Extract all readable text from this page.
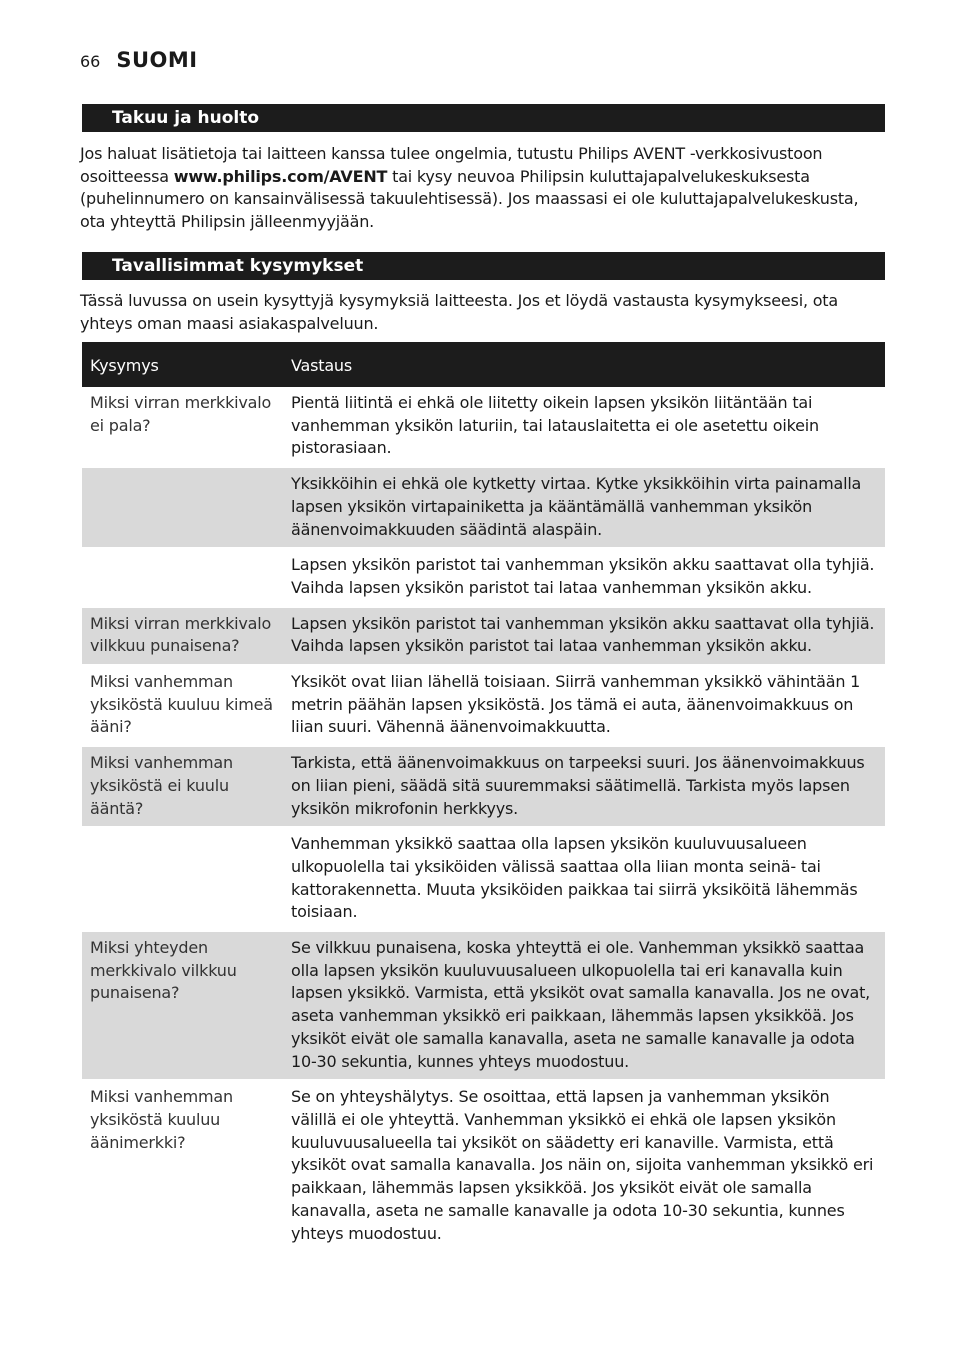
66 SUOMI
Takuu ja huolto

Jos haluat lisätietoja tai laitteen kanssa tulee ongelmia, tutustu Philips AVENT -verkkosivustoon osoitteessa www.philips.com/AVENT tai kysy neuvoa Philipsin kuluttajapalvelukeskuksesta (puhelinnumero on kansainvälisessä takuulehtisessä). Jos maassasi ei ole kuluttajapalvelukeskusta, ota yhteyttä Philipsin jälleenmyyjään.

Tavallisimmat kysymykset

Tässä luvussa on usein kysyttyjä kysymyksiä laitteesta. Jos et löydä vastausta kysymykseesi, ota yhteys oman maasi asiakaspalveluun.

Kysymys	Vastaus
Miksi virran merkkivalo ei pala?	Pientä liitintä ei ehkä ole liitetty oikein lapsen yksikön liitäntään tai vanhemman yksikön laturiin, tai latauslaitetta ei ole asetettu oikein pistorasiaan.
	Yksikköihin ei ehkä ole kytketty virtaa. Kytke yksikköihin virta painamalla lapsen yksikön virtapainiketta ja kääntämällä vanhemman yksikön äänenvoimakkuuden säädintä alaspäin.
	Lapsen yksikön paristot tai vanhemman yksikön akku saattavat olla tyhjiä. Vaihda lapsen yksikön paristot tai lataa vanhemman yksikön akku.
Miksi virran merkkivalo vilkkuu punaisena?	Lapsen yksikön paristot tai vanhemman yksikön akku saattavat olla tyhjiä. Vaihda lapsen yksikön paristot tai lataa vanhemman yksikön akku.
Miksi vanhemman yksiköstä kuuluu kimeä ääni?	Yksiköt ovat liian lähellä toisiaan. Siirrä vanhemman yksikkö vähintään 1 metrin päähän lapsen yksiköstä. Jos tämä ei auta, äänenvoimakkuus on liian suuri. Vähennä äänenvoimakkuutta.
Miksi vanhemman yksiköstä ei kuulu ääntä?	Tarkista, että äänenvoimakkuus on tarpeeksi suuri. Jos äänenvoimakkuus on liian pieni, säädä sitä suuremmaksi säätimellä. Tarkista myös lapsen yksikön mikrofonin herkkyys.
	Vanhemman yksikkö saattaa olla lapsen yksikön kuuluvuusalueen ulkopuolella tai yksiköiden välissä saattaa olla liian monta seinä- tai kattorakennetta. Muuta yksiköiden paikkaa tai siirrä yksiköitä lähemmäs toisiaan.
Miksi yhteyden merkkivalo vilkkuu punaisena?	Se vilkkuu punaisena, koska yhteyttä ei ole. Vanhemman yksikkö saattaa olla lapsen yksikön kuuluvuusalueen ulkopuolella tai eri kanavalla kuin lapsen yksikkö. Varmista, että yksiköt ovat samalla kanavalla. Jos ne ovat, aseta vanhemman yksikkö eri paikkaan, lähemmäs lapsen yksikköä. Jos yksiköt eivät ole samalla kanavalla, aseta ne samalle kanavalle ja odota 10-30 sekuntia, kunnes yhteys muodostuu.
Miksi vanhemman yksiköstä kuuluu äänimerkki?	Se on yhteyshälytys. Se osoittaa, että lapsen ja vanhemman yksikön välillä ei ole yhteyttä. Vanhemman yksikkö ei ehkä ole lapsen yksikön kuuluvuusalueella tai yksiköt on säädetty eri kanaville. Varmista, että yksiköt ovat samalla kanavalla. Jos näin on, sijoita vanhemman yksikkö eri paikkaan, lähemmäs lapsen yksikköä. Jos yksiköt eivät ole samalla kanavalla, aseta ne samalle kanavalle ja odota 10-30 sekuntia, kunnes yhteys muodostuu.
